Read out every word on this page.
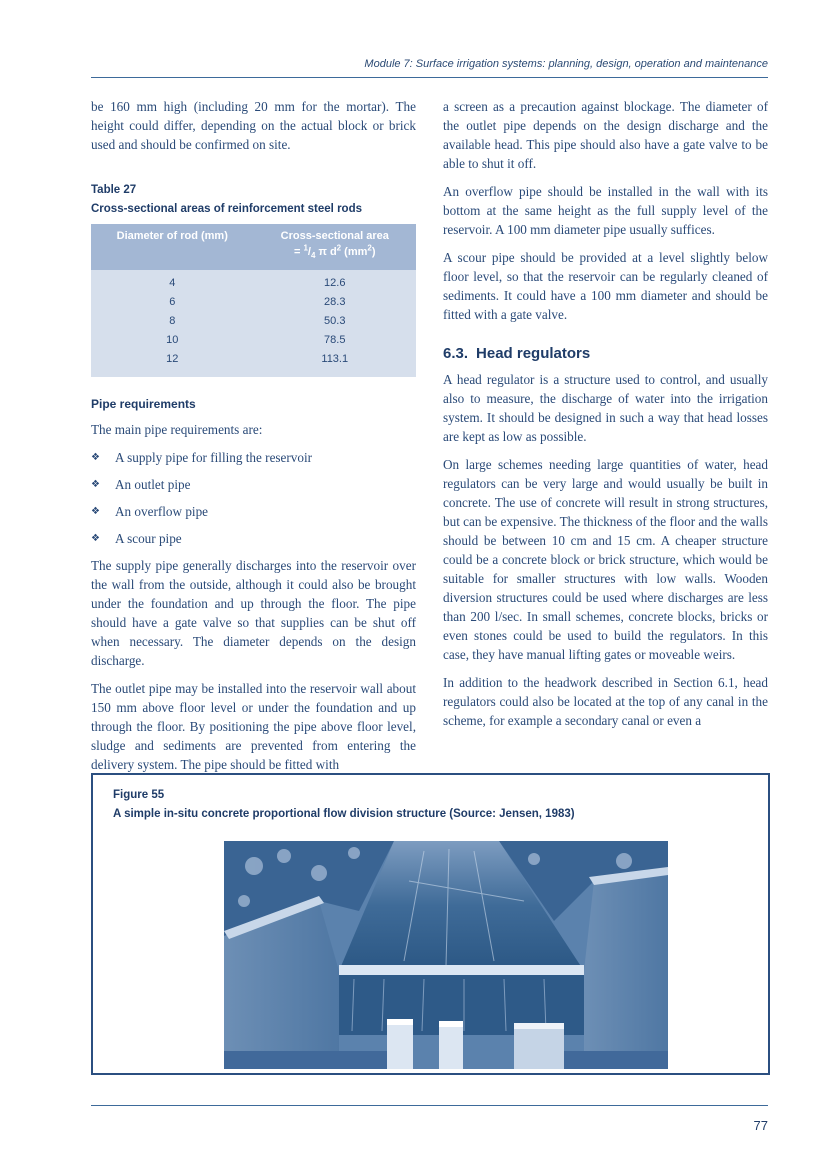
Module 7: Surface irrigation systems: planning, design, operation and maintenance

be 160 mm high (including 20 mm for the mortar). The height could differ, depending on the actual block or brick used and should be confirmed on site.

Table 27
Cross-sectional areas of reinforcement steel rods
Diameter of rod (mm)	Cross-sectional area
= $^1/_4$ π $d^2$ $(mm^2)$
4	12.6
6	28.3
8	50.3
10	78.5
12	113.1
Pipe requirements

The main pipe requirements are:

❖ A supply pipe for filling the reservoir
❖ An outlet pipe
❖ An overflow pipe
❖ A scour pipe

The supply pipe generally discharges into the reservoir over the wall from the outside, although it could also be brought under the foundation and up through the floor. The pipe should have a gate valve so that supplies can be shut off when necessary. The diameter depends on the design discharge.

The outlet pipe may be installed into the reservoir wall about 150 mm above floor level or under the foundation and up through the floor. By positioning the pipe above floor level, sludge and sediments are prevented from entering the delivery system. The pipe should be fitted with

a screen as a precaution against blockage. The diameter of the outlet pipe depends on the design discharge and the available head. This pipe should also have a gate valve to be able to shut it off.

An overflow pipe should be installed in the wall with its bottom at the same height as the full supply level of the reservoir. A 100 mm diameter pipe usually suffices.

A scour pipe should be provided at a level slightly below floor level, so that the reservoir can be regularly cleaned of sediments. It could have a 100 mm diameter and should be fitted with a gate valve.

6.3. Head regulators

A head regulator is a structure used to control, and usually also to measure, the discharge of water into the irrigation system. It should be designed in such a way that head losses are kept as low as possible.

On large schemes needing large quantities of water, head regulators can be very large and would usually be built in concrete. The use of concrete will result in strong structures, but can be expensive. The thickness of the floor and the walls should be between 10 cm and 15 cm. A cheaper structure could be a concrete block or brick structure, which would be suitable for smaller structures with low walls. Wooden diversion structures could be used where discharges are less than 200 l/sec. In small schemes, concrete blocks, bricks or even stones could be used to build the regulators. In this case, they have manual lifting gates or moveable weirs.

In addition to the headwork described in Section 6.1, head regulators could also be located at the top of any canal in the scheme, for example a secondary canal or even a

Figure 55
A simple in-situ concrete proportional flow division structure (Source: Jensen, 1983)
77
